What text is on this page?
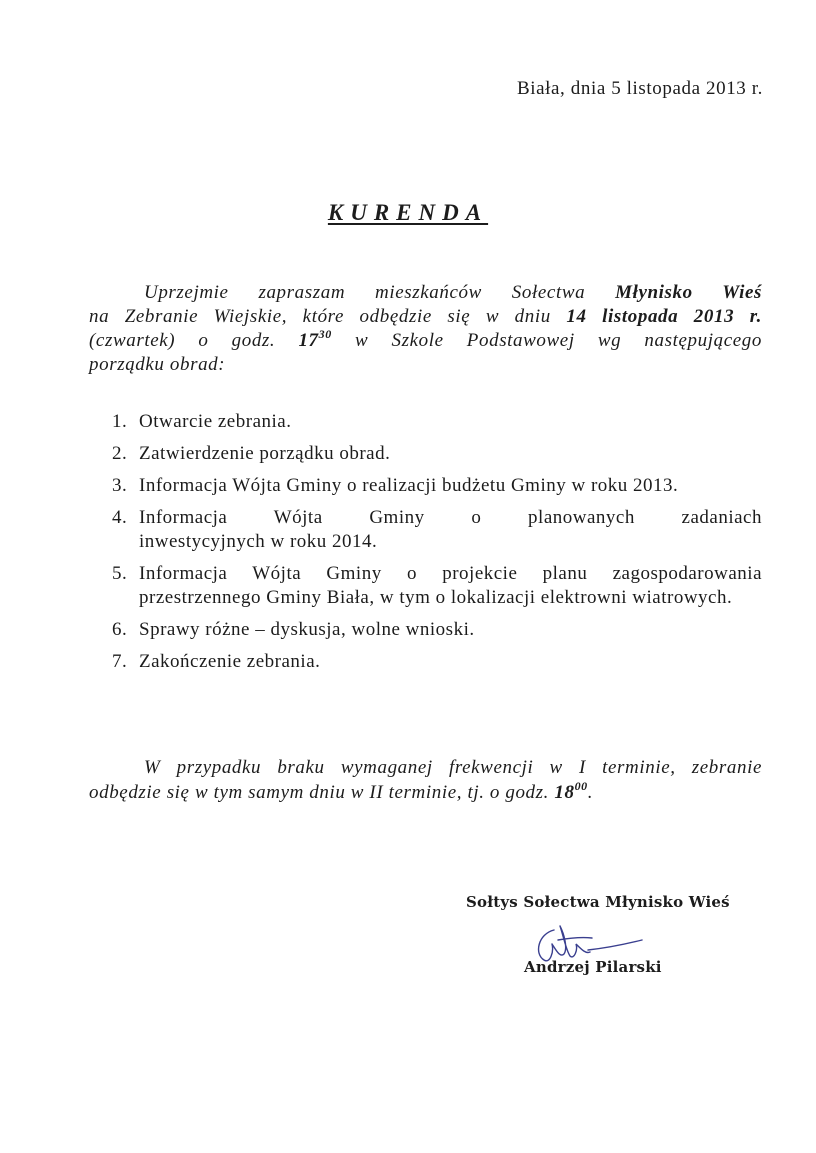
Biała, dnia 5 listopada 2013 r.
KURENDA
Uprzejmie zapraszam mieszkańców Sołectwa Młynisko Wieś
na Zebranie Wiejskie, które odbędzie się w dniu 14 listopada 2013 r.
(czwartek) o godz. $17^{30}$ w Szkole Podstawowej wg następującego
porządku obrad:
1. Otwarcie zebrania.
2. Zatwierdzenie porządku obrad.
3. Informacja Wójta Gminy o realizacji budżetu Gminy w roku 2013.
4. Informacja Wójta Gminy o planowanych zadaniach
inwestycyjnych w roku 2014.
5. Informacja Wójta Gminy o projekcie planu zagospodarowania przestrzennego Gminy Biała, w tym o lokalizacji elektrowni wiatrowych.
6. Sprawy różne – dyskusja, wolne wnioski.
7. Zakończenie zebrania.
W przypadku braku wymaganej frekwencji w I terminie, zebranie
odbędzie się w tym samym dniu w II terminie, tj. o godz. $18^{00}$.
Sołtys Sołectwa Młynisko Wieś
Andrzej Pilarski
